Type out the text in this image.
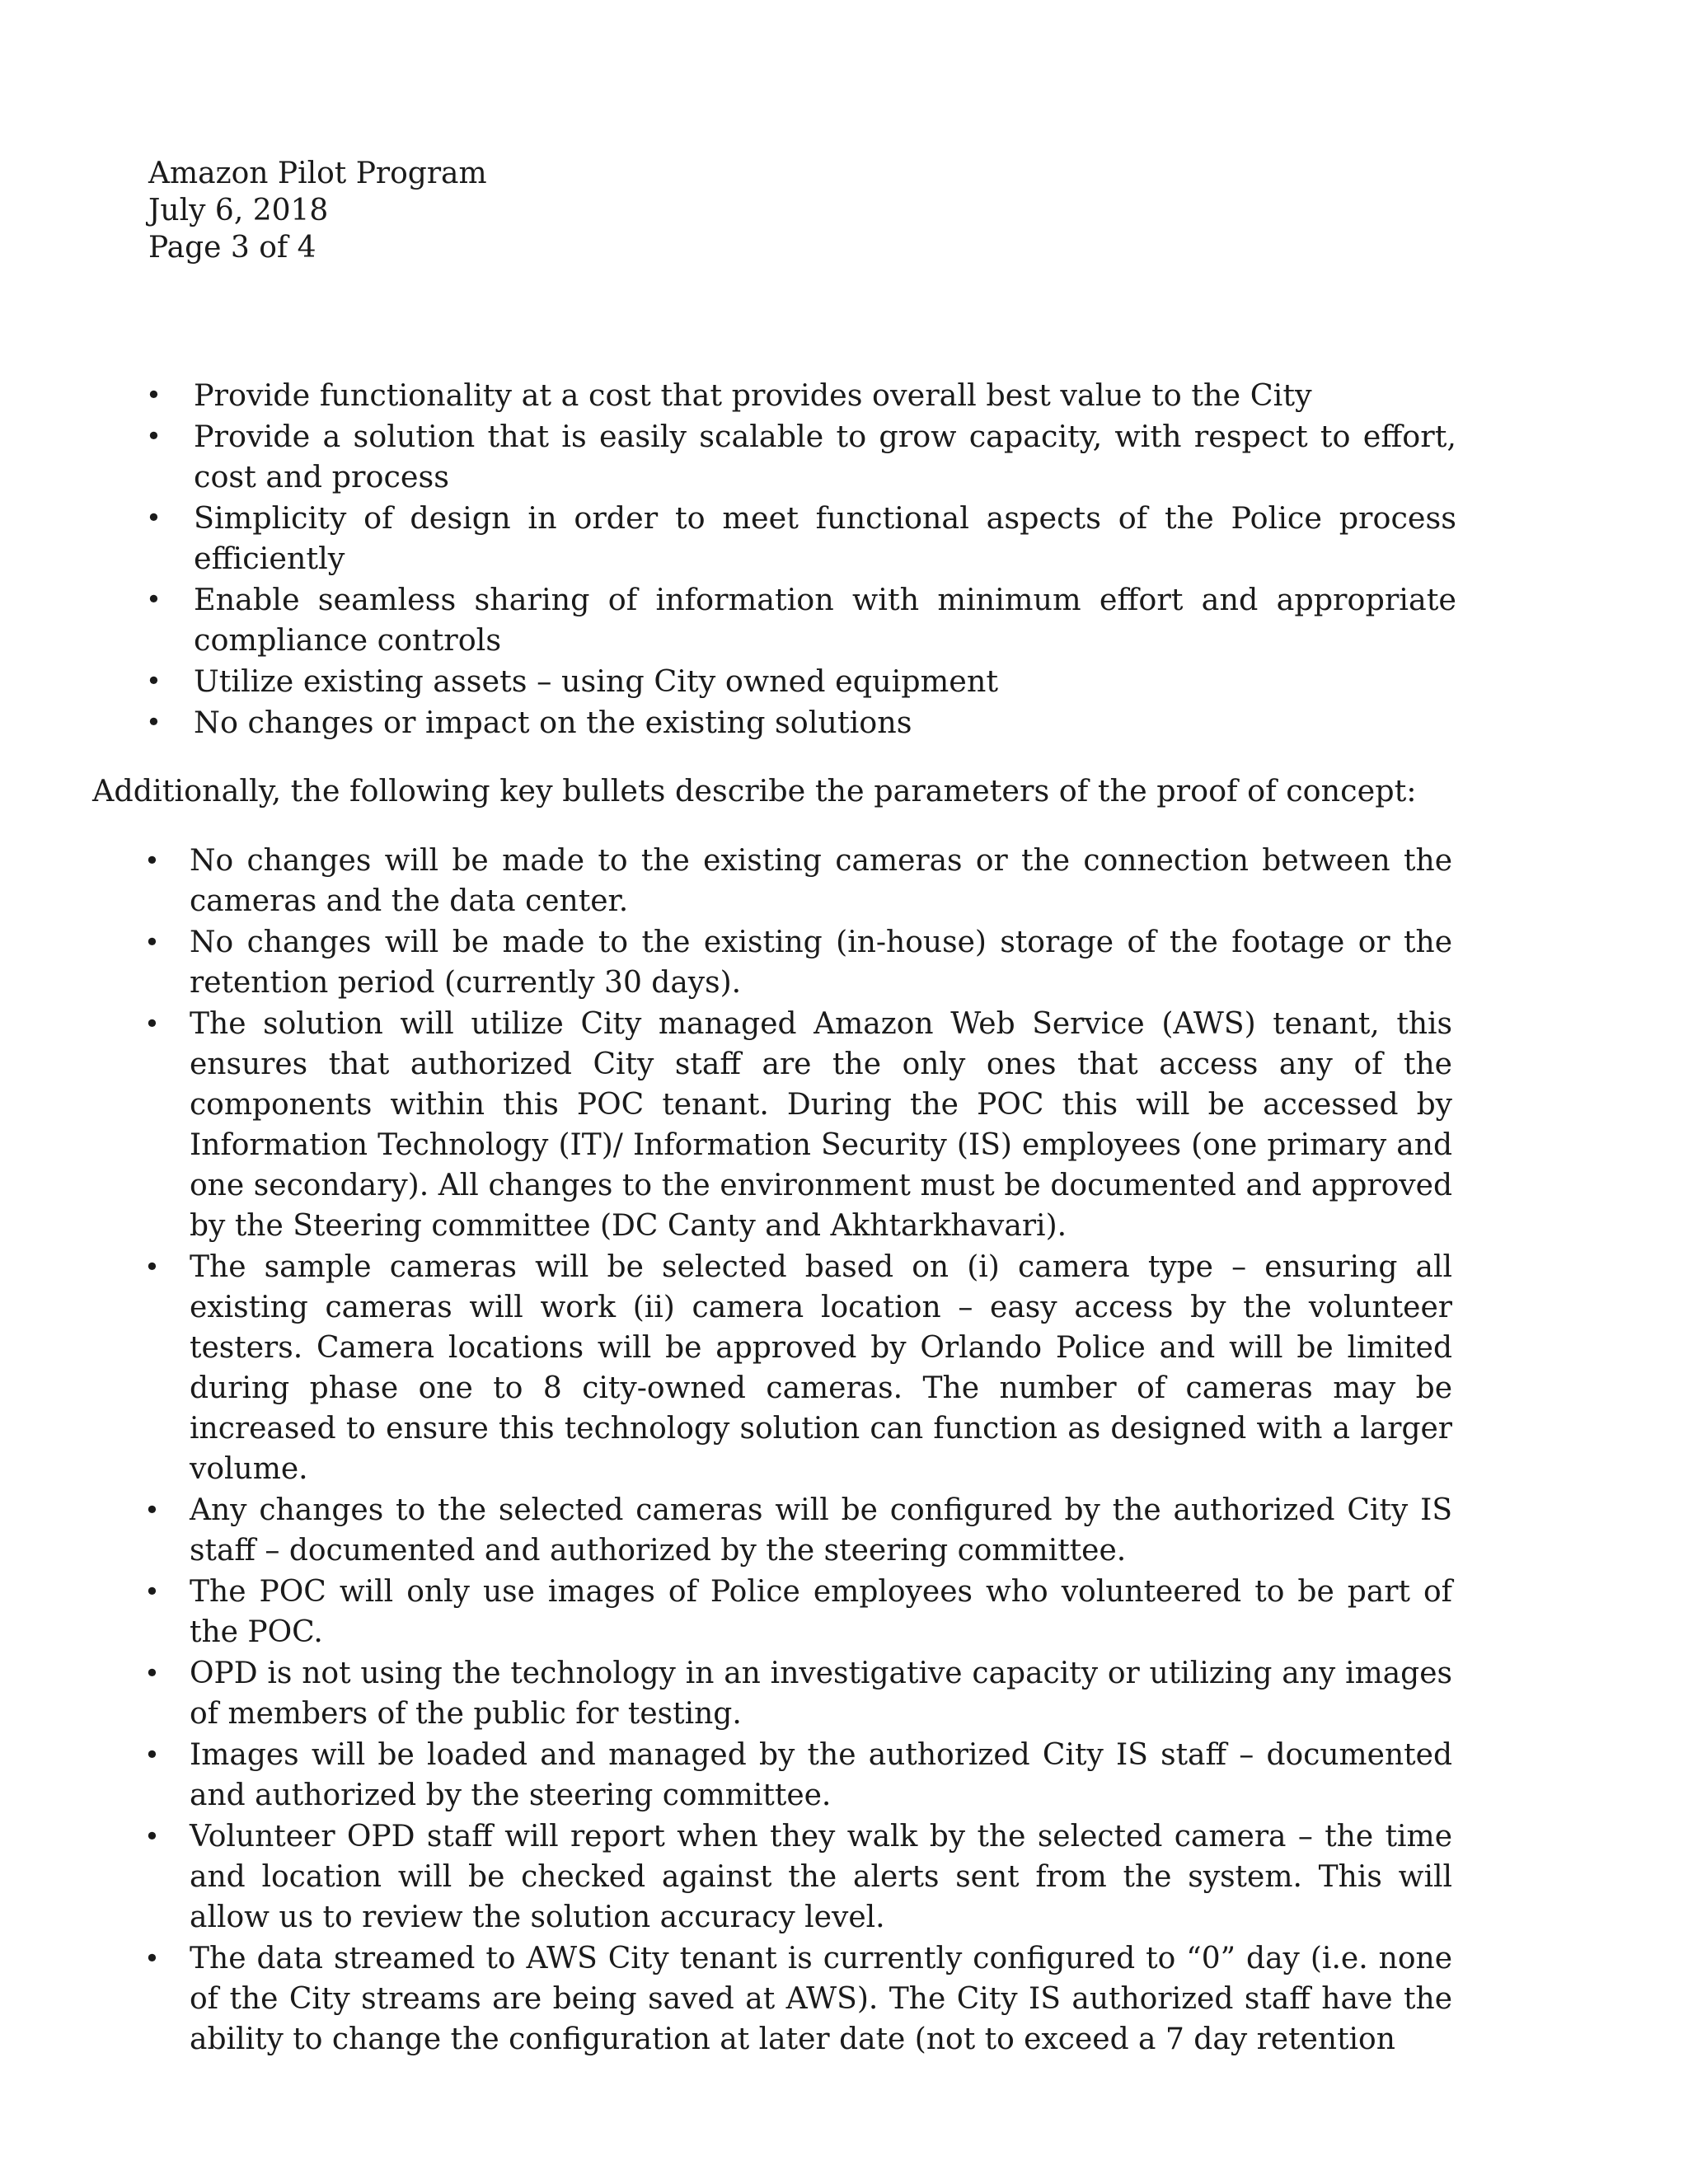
Amazon Pilot Program
July 6, 2018
Page 3 of 4
• Provide functionality at a cost that provides overall best value to the City
• Provide a solution that is easily scalable to grow capacity, with respect to effort, cost and process
• Simplicity of design in order to meet functional aspects of the Police process efficiently
• Enable seamless sharing of information with minimum effort and appropriate compliance controls
• Utilize existing assets – using City owned equipment
• No changes or impact on the existing solutions
Additionally, the following key bullets describe the parameters of the proof of concept:
• No changes will be made to the existing cameras or the connection between the cameras and the data center.
• No changes will be made to the existing (in-house) storage of the footage or the retention period (currently 30 days).
• The solution will utilize City managed Amazon Web Service (AWS) tenant, this ensures that authorized City staff are the only ones that access any of the components within this POC tenant. During the POC this will be accessed by Information Technology (IT)/ Information Security (IS) employees (one primary and one secondary). All changes to the environment must be documented and approved by the Steering committee (DC Canty and Akhtarkhavari).
• The sample cameras will be selected based on (i) camera type – ensuring all existing cameras will work (ii) camera location – easy access by the volunteer testers. Camera locations will be approved by Orlando Police and will be limited during phase one to 8 city-owned cameras. The number of cameras may be increased to ensure this technology solution can function as designed with a larger volume.
• Any changes to the selected cameras will be configured by the authorized City IS staff – documented and authorized by the steering committee.
• The POC will only use images of Police employees who volunteered to be part of the POC.
• OPD is not using the technology in an investigative capacity or utilizing any images of members of the public for testing.
• Images will be loaded and managed by the authorized City IS staff – documented and authorized by the steering committee.
• Volunteer OPD staff will report when they walk by the selected camera – the time and location will be checked against the alerts sent from the system. This will allow us to review the solution accuracy level.
• The data streamed to AWS City tenant is currently configured to “0” day (i.e. none of the City streams are being saved at AWS). The City IS authorized staff have the ability to change the configuration at later date (not to exceed a 7 day retention
